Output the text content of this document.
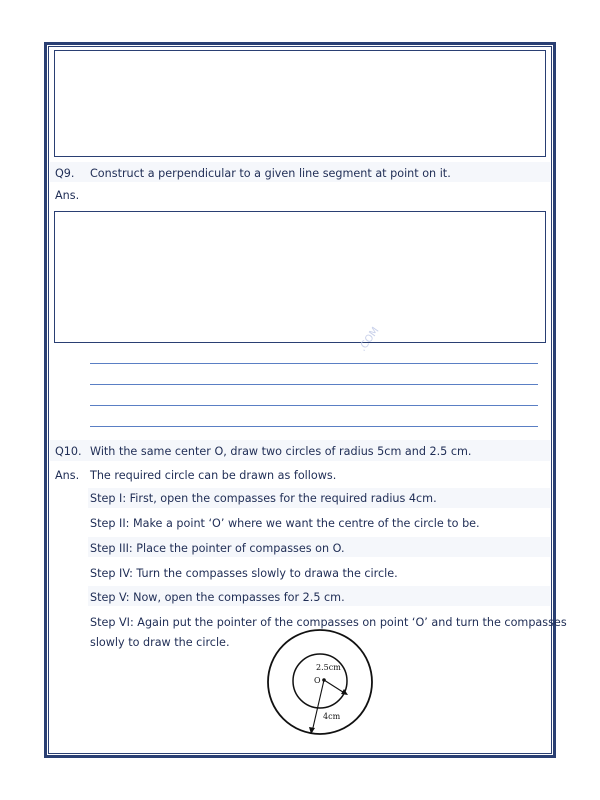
Q9. Construct a perpendicular to a given line segment at point on it.
Ans.
.COM
Q10. With the same center O, draw two circles of radius 5cm and 2.5 cm.
Ans. The required circle can be drawn as follows.
Step I: First, open the compasses for the required radius 4cm.
Step II: Make a point ‘O’ where we want the centre of the circle to be.
Step III: Place the pointer of compasses on O.
Step IV: Turn the compasses slowly to drawa the circle.
Step V: Now, open the compasses for 2.5 cm.
Step VI: Again put the pointer of the compasses on point ‘O’ and turn the compasses
slowly to draw the circle.
2.5cm
O
4cm
